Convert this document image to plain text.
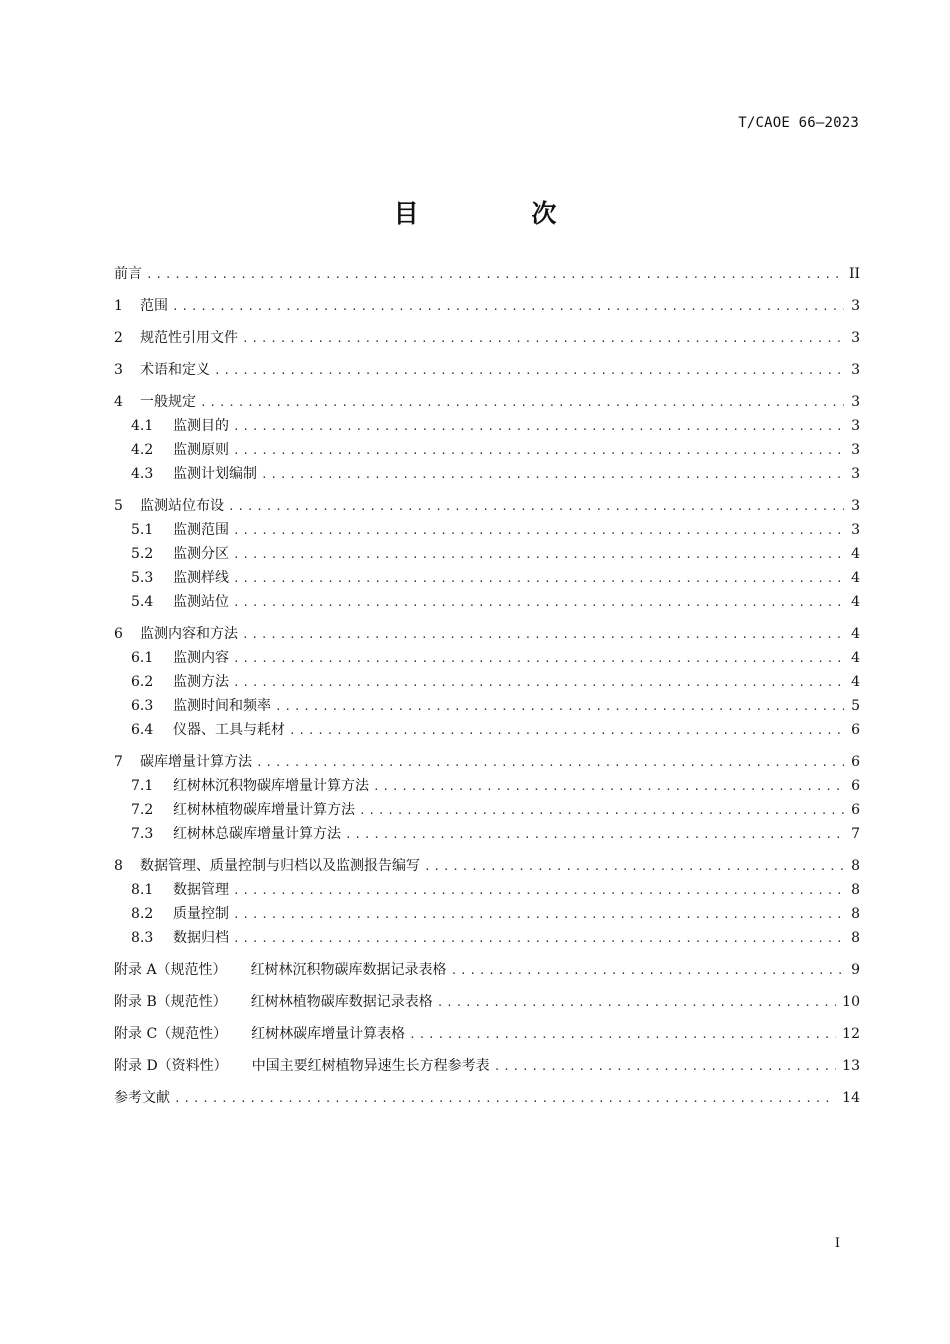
T/CAOE 66—2023
目 次
前言 .....	II
1	范围 .....	3
2	规范性引用文件 .....	3
3	术语和定义 .....	3
4	一般规定 .....	3
4.1	监测目的 .....	3
4.2	监测原则 .....	3
4.3	监测计划编制 .....	3
5	监测站位布设 .....	3
5.1	监测范围 .....	3
5.2	监测分区 .....	4
5.3	监测样线 .....	4
5.4	监测站位 .....	4
6	监测内容和方法 .....	4
6.1	监测内容 .....	4
6.2	监测方法 .....	4
6.3	监测时间和频率 .....	5
6.4	仪器、工具与耗材 .....	6
7	碳库增量计算方法 .....	6
7.1	红树林沉积物碳库增量计算方法 .....	6
7.2	红树林植物碳库增量计算方法 .....	6
7.3	红树林总碳库增量计算方法 .....	7
8	数据管理、质量控制与归档以及监测报告编写 .....	8
8.1	数据管理 .....	8
8.2	质量控制 .....	8
8.3	数据归档 .....	8
附录 A（规范性） 红树林沉积物碳库数据记录表格 .....	9
附录 B（规范性） 红树林植物碳库数据记录表格 .....	10
附录 C（规范性） 红树林碳库增量计算表格 .....	12
附录 D（资料性） 中国主要红树植物异速生长方程参考表 .....	13
参考文献 .....	14
I
